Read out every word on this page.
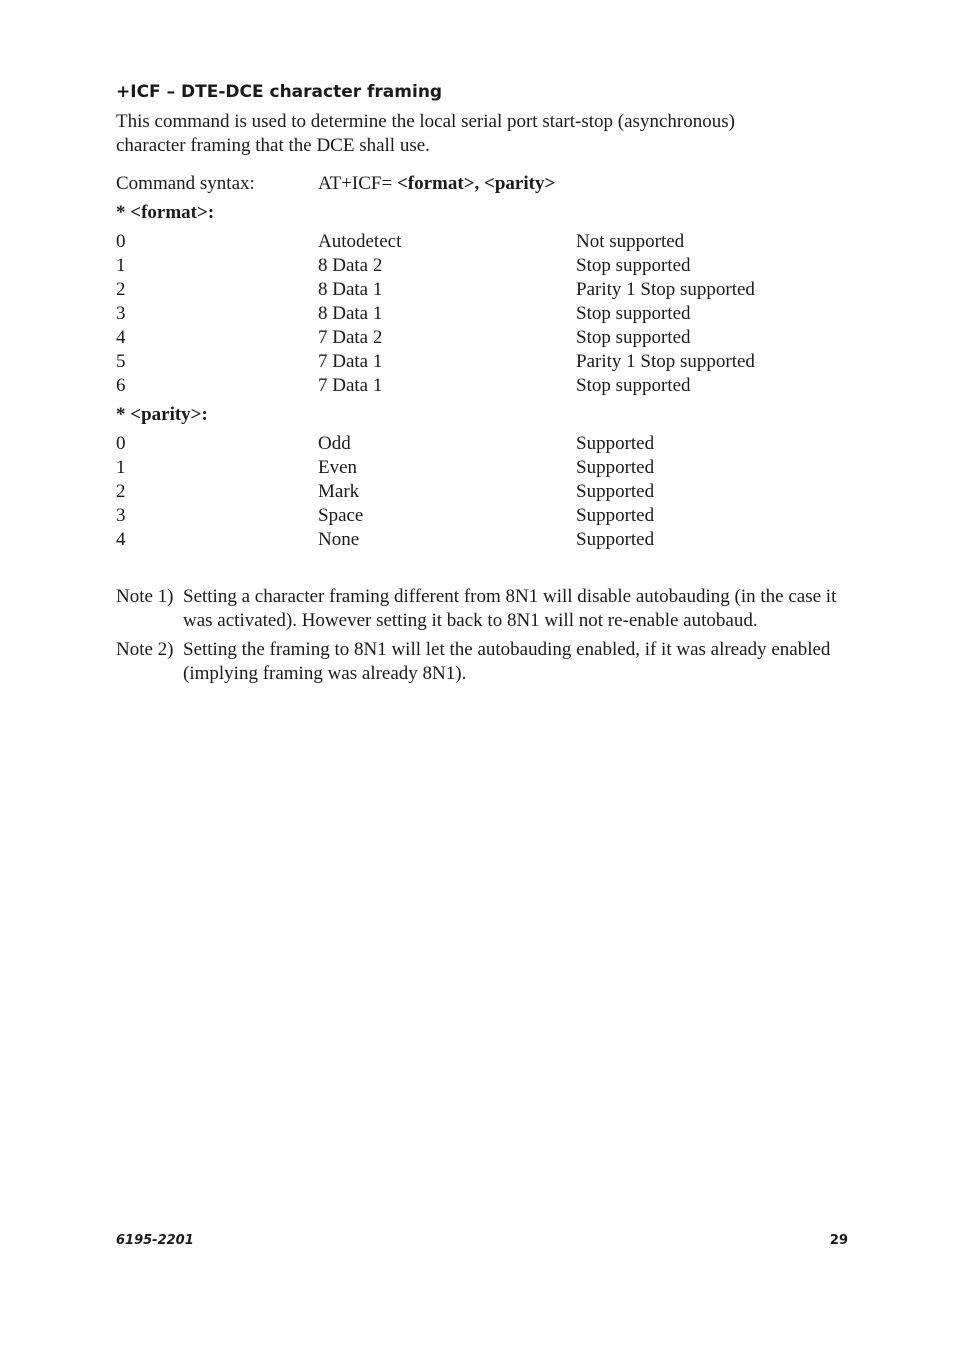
+ICF – DTE-DCE character framing

This command is used to determine the local serial port start-stop (asynchronous) character framing that the DCE shall use.

Command syntax:	AT+ICF= <format>, <parity>
* <format>:
0	Autodetect	Not supported
1	8 Data 2	Stop supported
2	8 Data 1	Parity 1 Stop supported
3	8 Data 1	Stop supported
4	7 Data 2	Stop supported
5	7 Data 1	Parity 1 Stop supported
6	7 Data 1	Stop supported
* <parity>:
0	Odd	Supported
1	Even	Supported
2	Mark	Supported
3	Space	Supported
4	None	Supported
Note 1) Setting a character framing different from 8N1 will disable autobauding (in the case it was activated). However setting it back to 8N1 will not re-enable autobaud.
Note 2) Setting the framing to 8N1 will let the autobauding enabled, if it was already enabled (implying framing was already 8N1).
6195-2201	29
